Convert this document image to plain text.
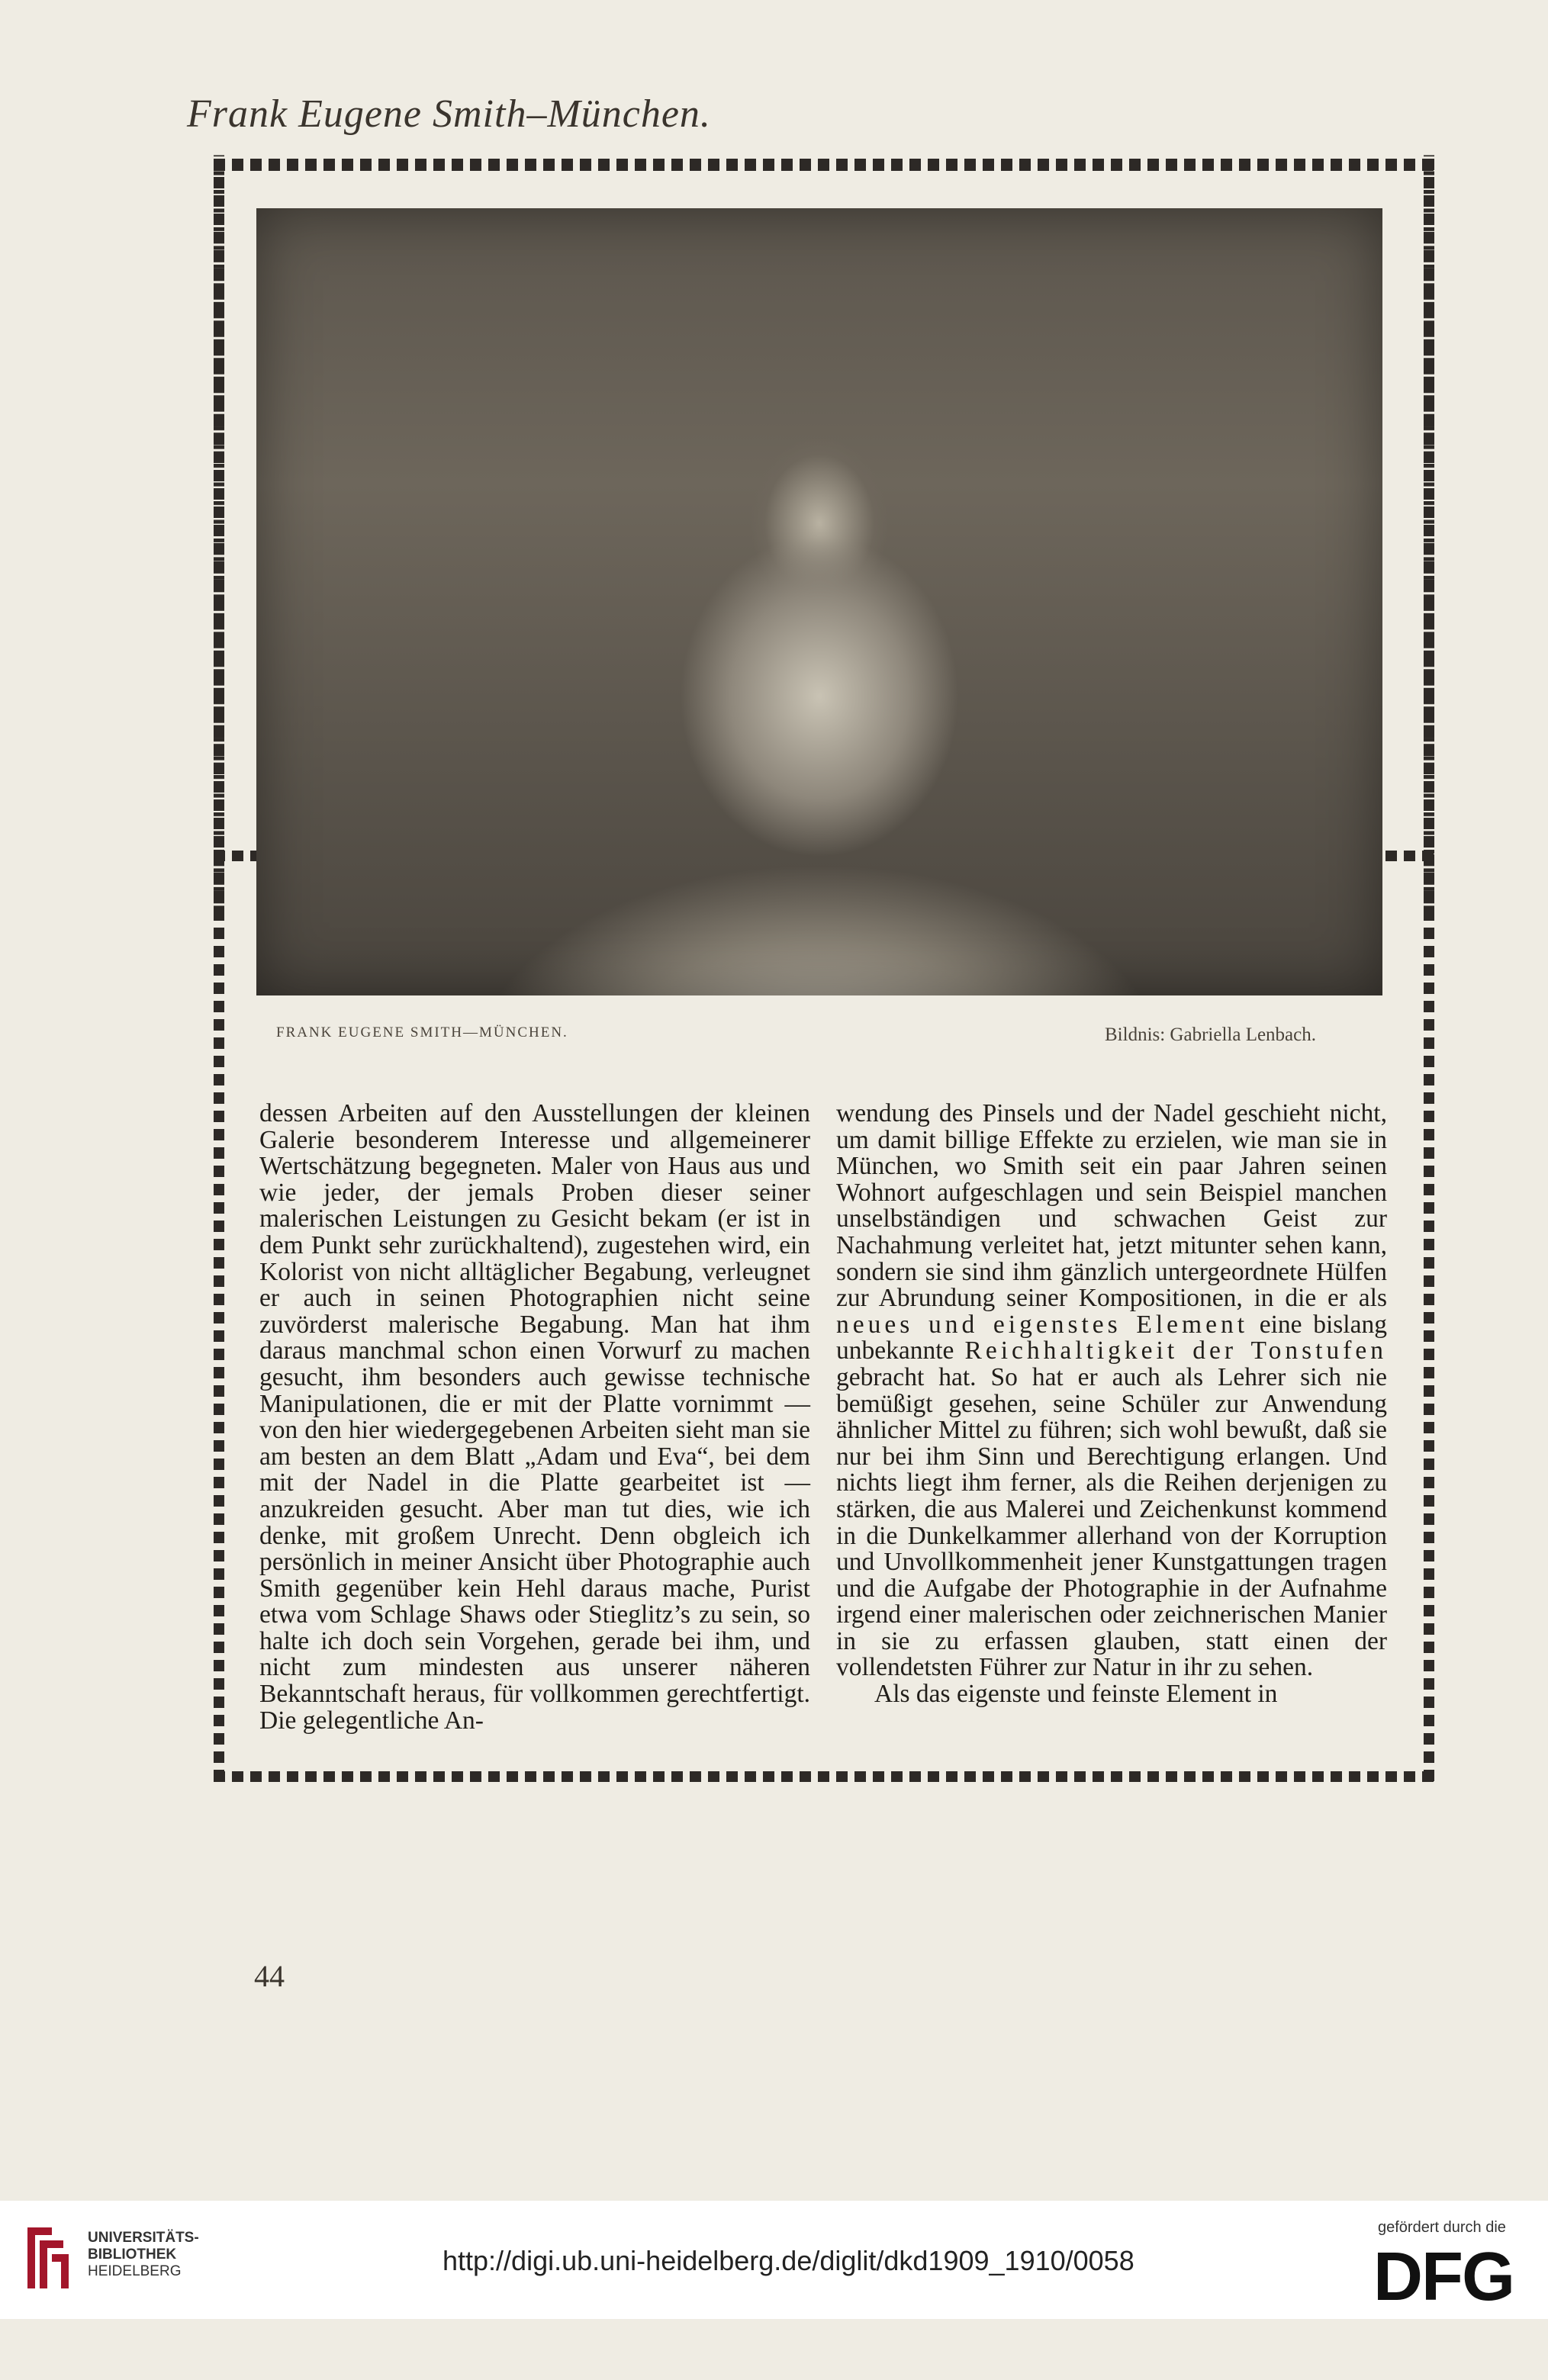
Frank Eugene Smith–München.
FRANK EUGENE SMITH—MÜNCHEN.	Bildnis: Gabriella Lenbach.

dessen Arbeiten auf den Ausstellungen der kleinen Galerie besonderem Interesse und allgemeinerer Wertschätzung begegneten. Maler von Haus aus und wie jeder, der jemals Proben dieser seiner malerischen Leistungen zu Gesicht bekam (er ist in dem Punkt sehr zurückhaltend), zugestehen wird, ein Kolorist von nicht alltäglicher Begabung, verleugnet er auch in seinen Photographien nicht seine zuvörderst malerische Begabung. Man hat ihm daraus manchmal schon einen Vorwurf zu machen gesucht, ihm besonders auch gewisse technische Manipulationen, die er mit der Platte vornimmt — von den hier wiedergegebenen Arbeiten sieht man sie am besten an dem Blatt „Adam und Eva“, bei dem mit der Nadel in die Platte gearbeitet ist — anzukreiden gesucht. Aber man tut dies, wie ich denke, mit großem Unrecht. Denn obgleich ich persönlich in meiner Ansicht über Photographie auch Smith gegenüber kein Hehl daraus mache, Purist etwa vom Schlage Shaws oder Stieglitz’s zu sein, so halte ich doch sein Vorgehen, gerade bei ihm, und nicht zum mindesten aus unserer näheren Bekanntschaft heraus, für vollkommen gerechtfertigt. Die gelegentliche An-

wendung des Pinsels und der Nadel geschieht nicht, um damit billige Effekte zu erzielen, wie man sie in München, wo Smith seit ein paar Jahren seinen Wohnort aufgeschlagen und sein Beispiel manchen unselbständigen und schwachen Geist zur Nachahmung verleitet hat, jetzt mitunter sehen kann, sondern sie sind ihm gänzlich untergeordnete Hülfen zur Abrundung seiner Kompositionen, in die er als neues und eigenstes Element eine bislang unbekannte Reichhaltigkeit der Tonstufen gebracht hat. So hat er auch als Lehrer sich nie bemüßigt gesehen, seine Schüler zur Anwendung ähnlicher Mittel zu führen; sich wohl bewußt, daß sie nur bei ihm Sinn und Berechtigung erlangen. Und nichts liegt ihm ferner, als die Reihen derjenigen zu stärken, die aus Malerei und Zeichenkunst kommend in die Dunkelkammer allerhand von der Korruption und Unvollkommenheit jener Kunstgattungen tragen und die Aufgabe der Photographie in der Aufnahme irgend einer malerischen oder zeichnerischen Manier in sie zu erfassen glauben, statt einen der vollendetsten Führer zur Natur in ihr zu sehen.

Als das eigenste und feinste Element in

44
UNIVERSITÄTS-
BIBLIOTHEK
HEIDELBERG	http://digi.ub.uni-heidelberg.de/diglit/dkd1909_1910/0058
gefördert durch die
DFG
